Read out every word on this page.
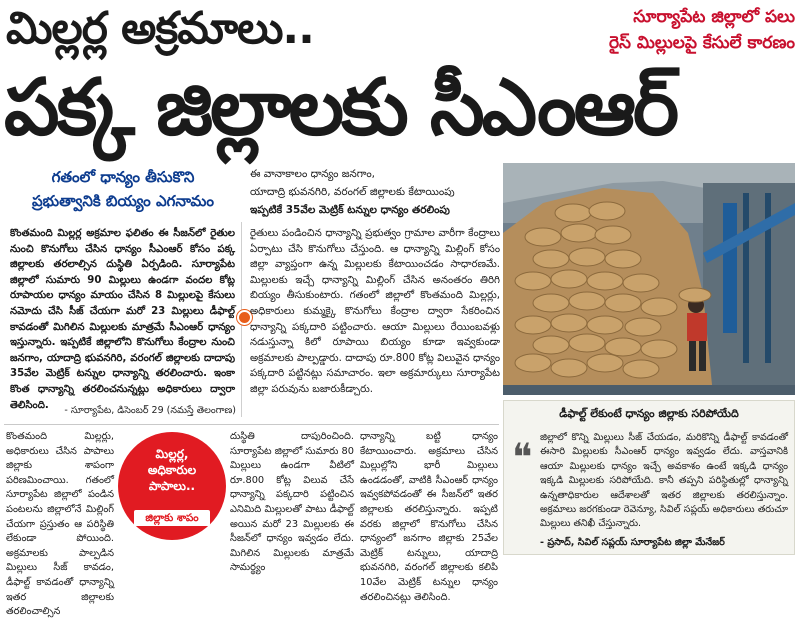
మిల్లర్ల అక్రమాలు..	సూర్యాపేట జిల్లాలో పలు
రైస్ మిల్లులపై కేసులే కారణం
పక్క జిల్లాలకు సీఎంఆర్
గతంలో ధాన్యం తీసుకొని
ప్రభుత్వానికి బియ్యం ఎగనామం

కొంతమంది మిల్లర్ల అక్రమాల ఫలితం ఈ సీజన్‌లో రైతుల నుంచి కొనుగోలు చేసిన ధాన్యం సీఎంఆర్ కోసం పక్క జిల్లాలకు తరలాల్సిన దుస్థితి ఏర్పడింది. సూర్యాపేట జిల్లాలో సుమారు 90 మిల్లులు ఉండగా వందల కోట్ల రూపాయల ధాన్యం మాయం చేసిన 8 మిల్లులపై కేసులు నమోదు చేసి సీజ్ చేయగా మరో 23 మిల్లులు డీఫాల్ట్ కావడంతో మిగిలిన మిల్లులకు మాత్రమే సీఎంఆర్ ధాన్యం ఇస్తున్నారు. ఇప్పటికే జిల్లాలోని కొనుగోలు కేంద్రాల నుంచి జనగాం, యాదాద్రి భువనగిరి, వరంగల్ జిల్లాలకు దాదాపు 35వేల మెట్రిక్ టన్నుల ధాన్యాన్ని తరలించారు. ఇంకా కొంత ధాన్యాన్ని తరలించనున్నట్లు అధికారులు ద్వారా తెలిసింది.	- సూర్యాపేట, డిసెంబర్ 29 (నమస్తే తెలంగాణ)
ఈ వానాకాలం ధాన్యం జనగాం,
యాదాద్రి భువనగిరి, వరంగల్ జిల్లాలకు కేటాయింపు
ఇప్పటికే 35వేల మెట్రిక్ టన్నుల ధాన్యం తరలింపు

రైతులు పండించిన ధాన్యాన్ని ప్రభుత్వం గ్రామాల వారీగా కేంద్రాలు ఏర్పాటు చేసి కొనుగోలు చేస్తుంది. ఆ ధాన్యాన్ని మిల్లింగ్ కోసం జిల్లా వ్యాప్తంగా ఉన్న మిల్లులకు కేటాయించడం సాధారణమే. మిల్లులకు ఇచ్చే ధాన్యాన్ని మిల్లింగ్ చేసిన అనంతరం తిరిగి బియ్యం తీసుకుంటారు. గతంలో జిల్లాలో కొంతమంది మిల్లర్లు, అధికారులు కుమ్మక్కై కొనుగోలు కేంద్రాల ద్వారా సేకరించిన ధాన్యాన్ని పక్కదారి పట్టించారు. ఆయా మిల్లులు రేయింబవళ్లు నడుస్తున్నా కిలో రూపాయి బియ్యం కూడా ఇవ్వకుండా అక్రమాలకు పాల్పడ్డారు. దాదాపు రూ.800 కోట్ల విలువైన ధాన్యం పక్కదారి పట్టినట్లు సమాచారం. ఇలా అక్రమార్కులు సూర్యాపేట జిల్లా పరువును బజారుకీడ్చారు.

డీఫాల్ట్ లేకుంటే ధాన్యం జిల్లాకు సరిపోయేది
❝ జిల్లాలో కొన్ని మిల్లులు సీజ్ చేయడం, మరికొన్ని డీఫాల్ట్ కావడంతో ఈసారి మిల్లులకు సీఎంఆర్ ధాన్యం ఇవ్వడం లేదు. వాస్తవానికి ఆయా మిల్లులకు ధాన్యం ఇచ్చే అవకాశం ఉంటే ఇక్కడి ధాన్యం ఇక్కడి మిల్లులకు సరిపోయేది. కానీ తప్పని పరిస్థితుల్లో ధాన్యాన్ని ఉన్నతాధికారుల ఆదేశాలతో ఇతర జిల్లాలకు తరలిస్తున్నాం. అక్రమాలు జరగకుండా రెవెన్యూ, సివిల్ సప్లయ్ అధికారులు తరుచూ మిల్లులు తనిఖీ చేస్తున్నారు.

- ప్రసాద్, సివిల్ సప్లయ్ సూర్యాపేట జిల్లా మేనేజర్

కొంతమంది మిల్లర్లు, అధికారులు చేసిన పాపాలు జిల్లాకు శాపంగా పరిణమించాయి. గతంలో సూర్యాపేట జిల్లాలో పండిన పంటలను జిల్లాలోనే మిల్లింగ్ చేయగా ప్రస్తుతం ఆ పరిస్థితి లేకుండా పోయింది. అక్రమాలకు పాల్పడిన మిల్లులు సీజ్ కావడం, డీఫాల్ట్ కావడంతో ధాన్యాన్ని ఇతర జిల్లాలకు తరలించాల్సిన

మిల్లర్ల,
అధికారుల
పాపాలు..
జిల్లాకు శాపం

దుస్థితి దాపురించింది. సూర్యాపేట జిల్లాలో సుమారు 80 మిల్లులు ఉండగా వీటిలో రూ.800 కోట్ల విలువ చేసే ధాన్యాన్ని పక్కదారి పట్టించిన ఎనిమిది మిల్లులతో పాటు డీఫాల్ట్ అయిన మరో 23 మిల్లులకు ఈ సీజన్‌లో ధాన్యం ఇవ్వడం లేదు. మిగిలిన మిల్లులకు మాత్రమే సామర్థ్యం

ధాన్యాన్ని బట్టి ధాన్యం కేటాయించారు. అక్రమాలు చేసిన మిల్లుల్లోని భారీ మిల్లులు ఉండడంతో, వాటికి సీఎంఆర్ ధాన్యం ఇవ్వకపోవడంతో ఈ సీజన్‌లో ఇతర జిల్లాలకు తరలిస్తున్నారు. ఇప్పటి వరకు జిల్లాలో కొనుగోలు చేసిన ధాన్యంలో జనగాం జిల్లాకు 25వేల మెట్రిక్ టన్నులు, యాదాద్రి భువనగిరి, వరంగల్ జిల్లాలకు కలిపి 10వేల మెట్రిక్ టన్నుల ధాన్యం తరలించినట్లు తెలిసింది.
